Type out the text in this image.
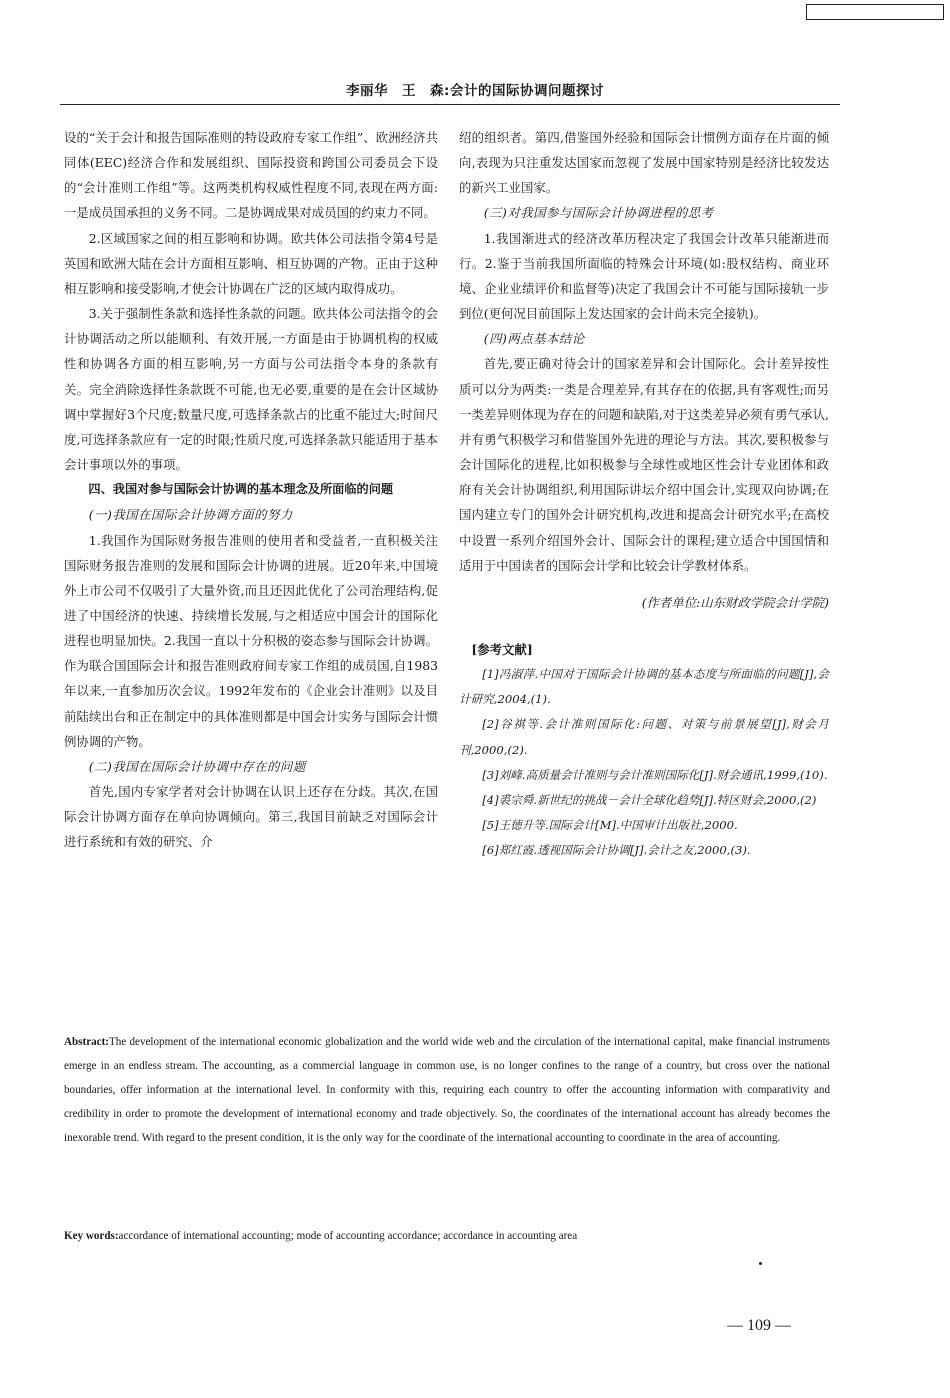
李丽华　王　森:会计的国际协调问题探讨

设的“关于会计和报告国际准则的特设政府专家工作组”、欧洲经济共同体(EEC)经济合作和发展组织、国际投资和跨国公司委员会下设的“会计准则工作组”等。这两类机构权威性程度不同,表现在两方面:一是成员国承担的义务不同。二是协调成果对成员国的约束力不同。

2.区域国家之间的相互影响和协调。欧共体公司法指令第4号是英国和欧洲大陆在会计方面相互影响、相互协调的产物。正由于这种相互影响和接受影响,才使会计协调在广泛的区域内取得成功。

3.关于强制性条款和选择性条款的问题。欧共体公司法指令的会计协调活动之所以能顺利、有效开展,一方面是由于协调机构的权威性和协调各方面的相互影响,另一方面与公司法指令本身的条款有关。完全消除选择性条款既不可能,也无必要,重要的是在会计区域协调中掌握好3个尺度;数量尺度,可选择条款占的比重不能过大;时间尺度,可选择条款应有一定的时限;性质尺度,可选择条款只能适用于基本会计事项以外的事项。

四、我国对参与国际会计协调的基本理念及所面临的问题

(一)我国在国际会计协调方面的努力

1.我国作为国际财务报告准则的使用者和受益者,一直积极关注国际财务报告准则的发展和国际会计协调的进展。近20年来,中国境外上市公司不仅吸引了大量外资,而且还因此优化了公司治理结构,促进了中国经济的快速、持续增长发展,与之相适应中国会计的国际化进程也明显加快。2.我国一直以十分积极的姿态参与国际会计协调。作为联合国国际会计和报告准则政府间专家工作组的成员国,自1983年以来,一直参加历次会议。1992年发布的《企业会计准则》以及目前陆续出台和正在制定中的具体准则都是中国会计实务与国际会计惯例协调的产物。

(二)我国在国际会计协调中存在的问题

首先,国内专家学者对会计协调在认识上还存在分歧。其次,在国际会计协调方面存在单向协调倾向。第三,我国目前缺乏对国际会计进行系统和有效的研究、介

绍的组织者。第四,借鉴国外经验和国际会计惯例方面存在片面的倾向,表现为只注重发达国家而忽视了发展中国家特别是经济比较发达的新兴工业国家。

(三)对我国参与国际会计协调进程的思考

1.我国渐进式的经济改革历程决定了我国会计改革只能渐进而行。2.鉴于当前我国所面临的特殊会计环境(如:股权结构、商业环境、企业业绩评价和监督等)决定了我国会计不可能与国际接轨一步到位(更何况目前国际上发达国家的会计尚未完全接轨)。

(四)两点基本结论

首先,要正确对待会计的国家差异和会计国际化。会计差异按性质可以分为两类:一类是合理差异,有其存在的依据,具有客观性;而另一类差异则体现为存在的问题和缺陷,对于这类差异必须有勇气承认,并有勇气积极学习和借鉴国外先进的理论与方法。其次,要积极参与会计国际化的进程,比如积极参与全球性或地区性会计专业团体和政府有关会计协调组织,利用国际讲坛介绍中国会计,实现双向协调;在国内建立专门的国外会计研究机构,改进和提高会计研究水平;在高校中设置一系列介绍国外会计、国际会计的课程;建立适合中国国情和适用于中国读者的国际会计学和比较会计学教材体系。

(作者单位:山东财政学院会计学院)

[参考文献]

[1]冯淑萍.中国对于国际会计协调的基本态度与所面临的问题[J],会计研究,2004,(1).

[2]谷祺等.会计准则国际化:问题、对策与前景展望[J],财会月刊,2000,(2).

[3]刘峰.高质量会计准则与会计准则国际化[J].财会通讯,1999,(10).

[4]裘宗舜.新世纪的挑战－会计全球化趋势[J].特区财会,2000,(2)

[5]王德升等.国际会计[M].中国审计出版社,2000.

[6]郑红霞.透视国际会计协调[J].会计之友,2000,(3).

Abstract:The development of the international economic globalization and the world wide web and the circulation of the international capital, make financial instruments emerge in an endless stream. The accounting, as a commercial language in common use, is no longer confines to the range of a country, but cross over the national boundaries, offer information at the international level. In conformity with this, requiring each country to offer the accounting information with comparativity and credibility in order to promote the development of international economy and trade objectively. So, the coordinates of the international account has already becomes the inexorable trend. With regard to the present condition, it is the only way for the coordinate of the international accounting to coordinate in the area of accounting.
Key words:accordance of international accounting; mode of accounting accordance; accordance in accounting area
— 109 —
